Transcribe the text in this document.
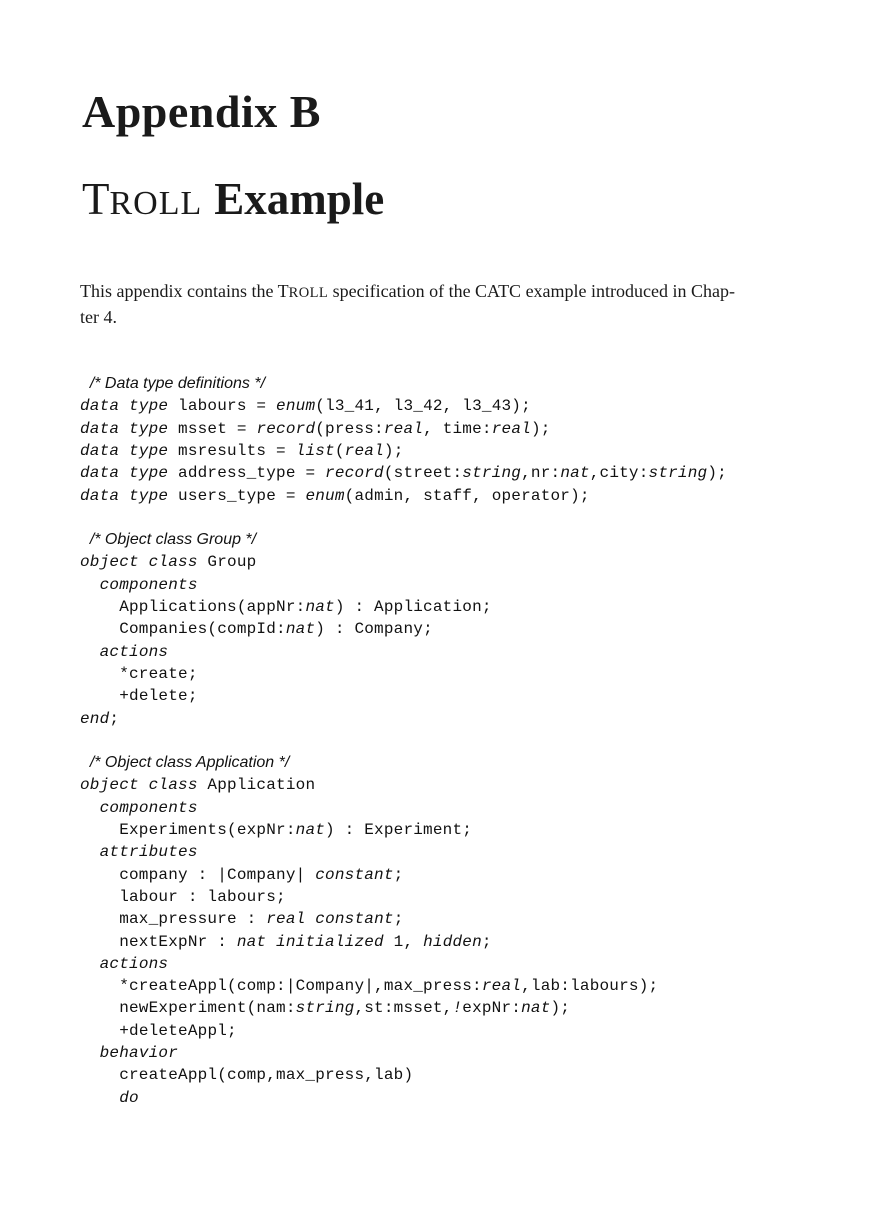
Appendix B
TROLL Example
This appendix contains the TROLL specification of the CATC example introduced in Chap-
ter 4.
/* Data type definitions */
data type labours = enum(l3_41, l3_42, l3_43);
data type msset = record(press:real, time:real);
data type msresults = list(real);
data type address_type = record(street:string,nr:nat,city:string);
data type users_type = enum(admin, staff, operator);

/* Object class Group */
object class Group
components
Applications(appNr:nat) : Application;
Companies(compId:nat) : Company;
actions
*create;
+delete;
end;

/* Object class Application */
object class Application
components
Experiments(expNr:nat) : Experiment;
attributes
company : |Company| constant;
labour : labours;
max_pressure : real constant;
nextExpNr : nat initialized 1, hidden;
actions
*createAppl(comp:|Company|,max_press:real,lab:labours);
newExperiment(nam:string,st:msset,!expNr:nat);
+deleteAppl;
behavior
createAppl(comp,max_press,lab)
do
